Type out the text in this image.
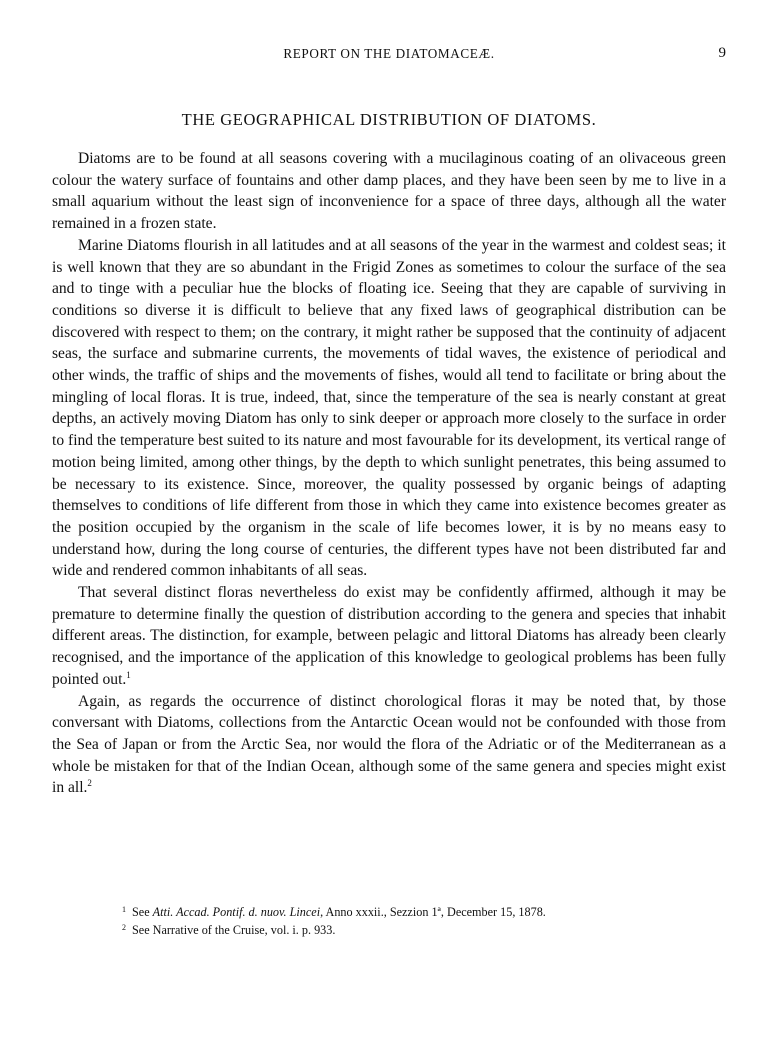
REPORT ON THE DIATOMACEÆ.	9
THE GEOGRAPHICAL DISTRIBUTION OF DIATOMS.

Diatoms are to be found at all seasons covering with a mucilaginous coating of an olivaceous green colour the watery surface of fountains and other damp places, and they have been seen by me to live in a small aquarium without the least sign of inconvenience for a space of three days, although all the water remained in a frozen state.

Marine Diatoms flourish in all latitudes and at all seasons of the year in the warmest and coldest seas; it is well known that they are so abundant in the Frigid Zones as sometimes to colour the surface of the sea and to tinge with a peculiar hue the blocks of floating ice. Seeing that they are capable of surviving in conditions so diverse it is difficult to believe that any fixed laws of geographical distribution can be discovered with respect to them; on the contrary, it might rather be supposed that the continuity of adjacent seas, the surface and submarine currents, the movements of tidal waves, the existence of periodical and other winds, the traffic of ships and the movements of fishes, would all tend to facilitate or bring about the mingling of local floras. It is true, indeed, that, since the temperature of the sea is nearly constant at great depths, an actively moving Diatom has only to sink deeper or approach more closely to the surface in order to find the temperature best suited to its nature and most favourable for its development, its vertical range of motion being limited, among other things, by the depth to which sunlight penetrates, this being assumed to be necessary to its existence. Since, moreover, the quality possessed by organic beings of adapting themselves to conditions of life different from those in which they came into existence becomes greater as the position occupied by the organism in the scale of life becomes lower, it is by no means easy to understand how, during the long course of centuries, the different types have not been distributed far and wide and rendered common inhabitants of all seas.

That several distinct floras nevertheless do exist may be confidently affirmed, although it may be premature to determine finally the question of distribution according to the genera and species that inhabit different areas. The distinction, for example, between pelagic and littoral Diatoms has already been clearly recognised, and the importance of the application of this knowledge to geological problems has been fully pointed out.$^1$

Again, as regards the occurrence of distinct chorological floras it may be noted that, by those conversant with Diatoms, collections from the Antarctic Ocean would not be confounded with those from the Sea of Japan or from the Arctic Sea, nor would the flora of the Adriatic or of the Mediterranean as a whole be mistaken for that of the Indian Ocean, although some of the same genera and species might exist in all.$^2$

$^1$ See Atti. Accad. Pontif. d. nuov. Lincei, Anno xxxii., Sezzion 1ª, December 15, 1878.
$^2$ See Narrative of the Cruise, vol. i. p. 933.
